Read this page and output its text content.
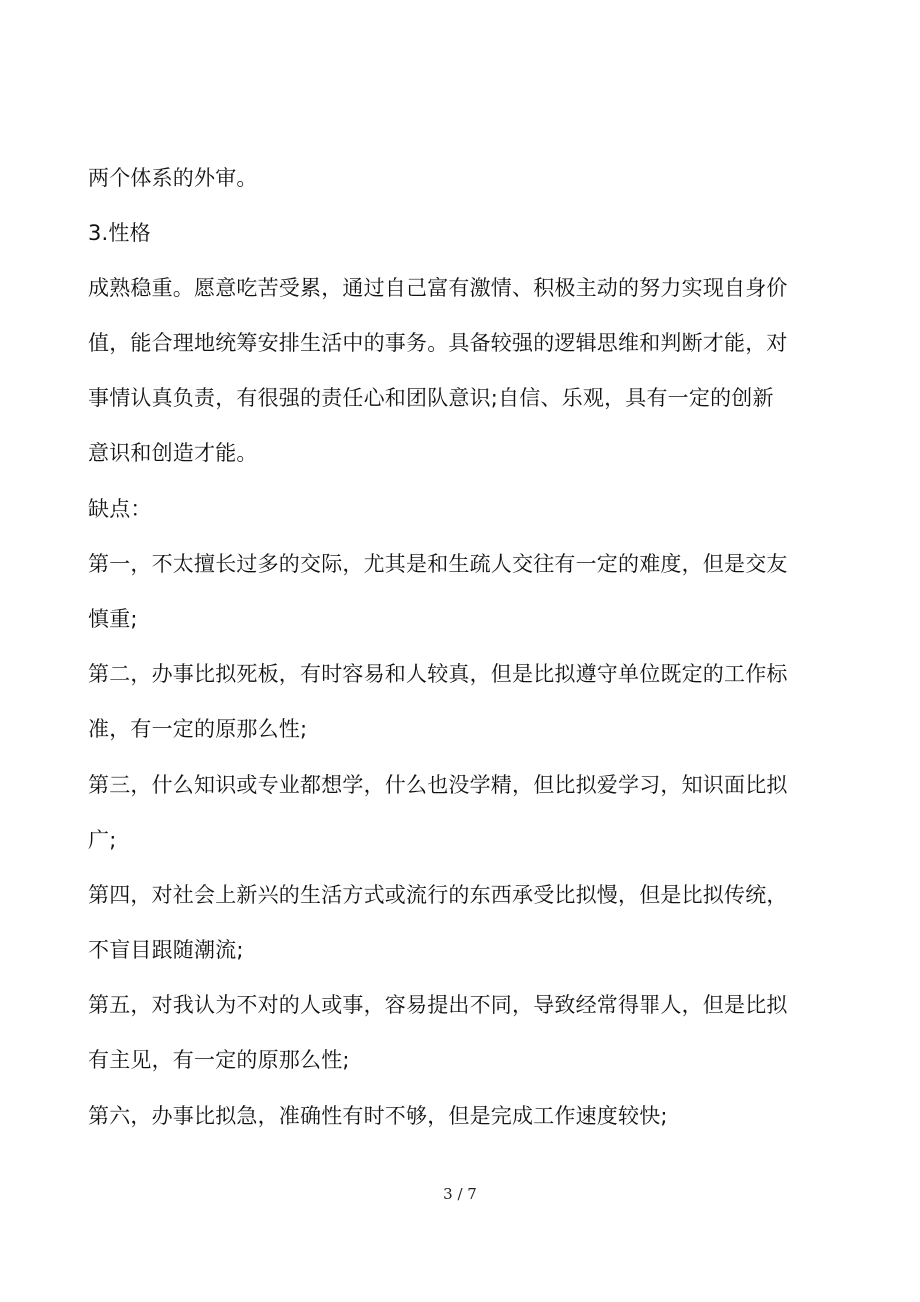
两个体系的外审。
3.性格
成熟稳重。愿意吃苦受累，通过自己富有激情、积极主动的努力实现自身价
值，能合理地统筹安排生活中的事务。具备较强的逻辑思维和判断才能，对
事情认真负责，有很强的责任心和团队意识;自信、乐观，具有一定的创新
意识和创造才能。
缺点：
第一，不太擅长过多的交际，尤其是和生疏人交往有一定的难度，但是交友
慎重;
第二，办事比拟死板，有时容易和人较真，但是比拟遵守单位既定的工作标
准，有一定的原那么性;
第三，什么知识或专业都想学，什么也没学精，但比拟爱学习，知识面比拟
广;
第四，对社会上新兴的生活方式或流行的东西承受比拟慢，但是比拟传统，
不盲目跟随潮流;
第五，对我认为不对的人或事，容易提出不同，导致经常得罪人，但是比拟
有主见，有一定的原那么性;
第六，办事比拟急，准确性有时不够，但是完成工作速度较快;
3 / 7
